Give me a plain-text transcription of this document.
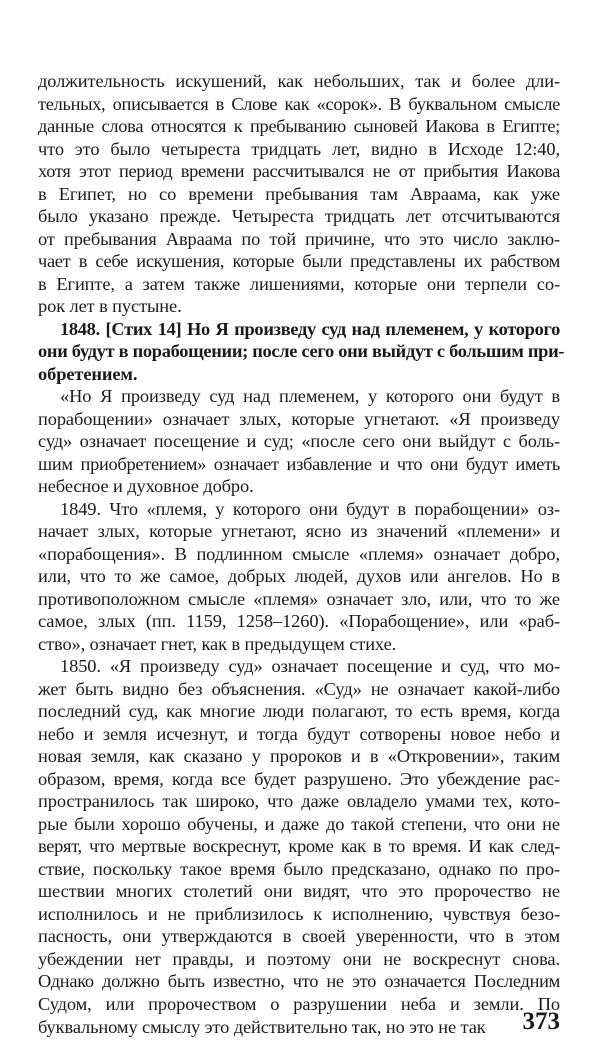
должительность искушений, как небольших, так и более дли-
тельных, описывается в Слове как «сорок». В буквальном смысле
данные слова относятся к пребыванию сыновей Иакова в Египте;
что это было четыреста тридцать лет, видно в Исходе 12:40,
хотя этот период времени рассчитывался не от прибытия Иакова
в Египет, но со времени пребывания там Авраама, как уже
было указано прежде. Четыреста тридцать лет отсчитываются
от пребывания Авраама по той причине, что это число заклю-
чает в себе искушения, которые были представлены их рабством
в Египте, а затем также лишениями, которые они терпели со-
рок лет в пустыне.
1848. [Стих 14] Но Я произведу суд над племенем, у которого
они будут в порабощении; после сего они выйдут с большим при-
обретением.
«Но Я произведу суд над племенем, у которого они будут в
порабощении» означает злых, которые угнетают. «Я произведу
суд» означает посещение и суд; «после сего они выйдут с боль-
шим приобретением» означает избавление и что они будут иметь
небесное и духовное добро.
1849. Что «племя, у которого они будут в порабощении» оз-
начает злых, которые угнетают, ясно из значений «племени» и
«порабощения». В подлинном смысле «племя» означает добро,
или, что то же самое, добрых людей, духов или ангелов. Но в
противоположном смысле «племя» означает зло, или, что то же
самое, злых (пп. 1159, 1258–1260). «Порабощение», или «раб-
ство», означает гнет, как в предыдущем стихе.
1850. «Я произведу суд» означает посещение и суд, что мо-
жет быть видно без объяснения. «Суд» не означает какой-либо
последний суд, как многие люди полагают, то есть время, когда
небо и земля исчезнут, и тогда будут сотворены новое небо и
новая земля, как сказано у пророков и в «Откровении», таким
образом, время, когда все будет разрушено. Это убеждение рас-
пространилось так широко, что даже овладело умами тех, кото-
рые были хорошо обучены, и даже до такой степени, что они не
верят, что мертвые воскреснут, кроме как в то время. И как след-
ствие, поскольку такое время было предсказано, однако по про-
шествии многих столетий они видят, что это пророчество не
исполнилось и не приблизилось к исполнению, чувствуя безо-
пасность, они утверждаются в своей уверенности, что в этом
убеждении нет правды, и поэтому они не воскреснут снова.
Однако должно быть известно, что не это означается Последним
Судом, или пророчеством о разрушении неба и земли. По
буквальному смыслу это действительно так, но это не так	373
